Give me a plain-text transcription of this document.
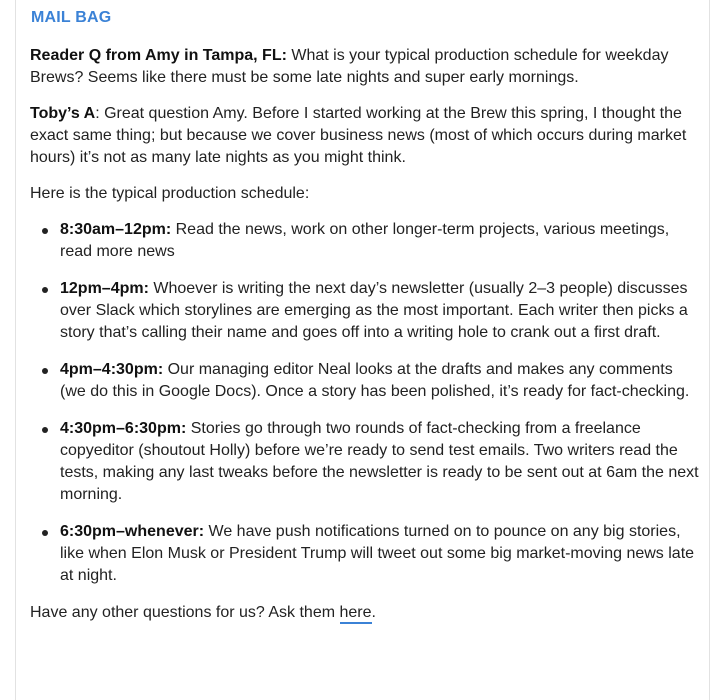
MAIL BAG

Reader Q from Amy in Tampa, FL: What is your typical production schedule for weekday Brews? Seems like there must be some late nights and super early mornings.

Toby’s A: Great question Amy. Before I started working at the Brew this spring, I thought the exact same thing; but because we cover business news (most of which occurs during market hours) it’s not as many late nights as you might think.

Here is the typical production schedule:

8:30am–12pm: Read the news, work on other longer-term projects, various meetings, read more news
12pm–4pm: Whoever is writing the next day’s newsletter (usually 2–3 people) discusses over Slack which storylines are emerging as the most important. Each writer then picks a story that’s calling their name and goes off into a writing hole to crank out a first draft.
4pm–4:30pm: Our managing editor Neal looks at the drafts and makes any comments (we do this in Google Docs). Once a story has been polished, it’s ready for fact-checking.
4:30pm–6:30pm: Stories go through two rounds of fact-checking from a freelance copyeditor (shoutout Holly) before we’re ready to send test emails. Two writers read the tests, making any last tweaks before the newsletter is ready to be sent out at 6am the next morning.
6:30pm–whenever: We have push notifications turned on to pounce on any big stories, like when Elon Musk or President Trump will tweet out some big market-moving news late at night.

Have any other questions for us? Ask them here.
